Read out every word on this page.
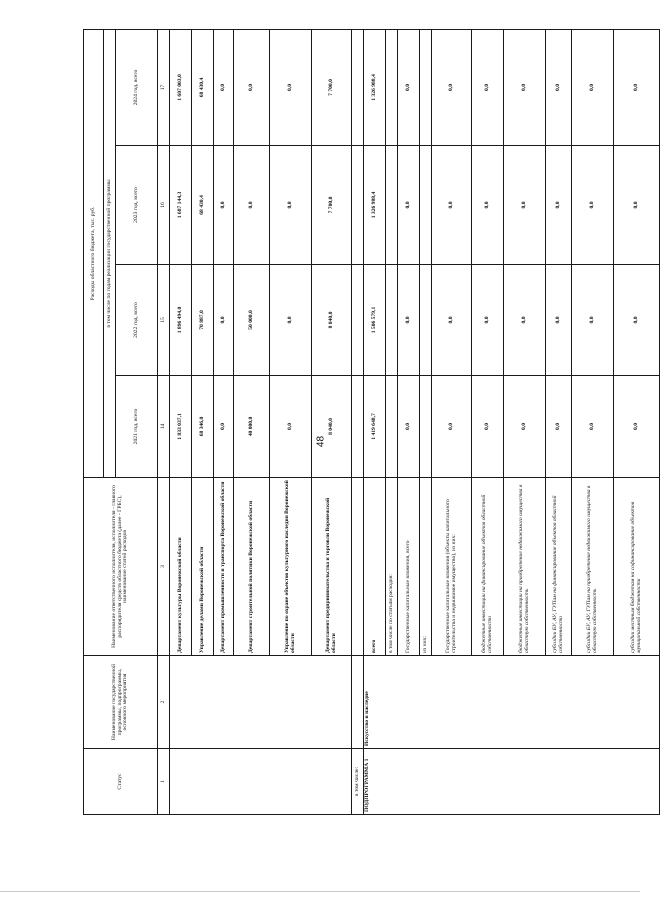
48
Статус	Наименование государственной программы, подпрограммы, основного мероприятия	Наименование ответственного исполнителя, исполнителя - главного распорядителя средств областного бюджета (далее - ГРБС), наименование статей расходов	Расходы областного бюджета, тыс. руб.			
			в том числе по годам реализации государственной программы			
			2021 год, всего	2022 год, всего	2023 год, всего	2024 год, всего
1	2	3	14	15	16	17
		Департамент культуры Воронежской области	1 833 037,1	1 896 494,0	1 687 144,3	1 607 003,0
		Управление делами Воронежской области	68 346,0	70 887,0	68 430,4	68 430,4
		Департамент промышленности и транспорта Воронежской области	0,0	0,0	0,0	0,0
		Департамент строительной политики Воронежской области	40 000,0	50 000,0	0,0	0,0
		Управление по охране объектов культурного наследия Воронежской области	0,0	0,0	0,0	0,0
		Департамент предпринимательства и торговли Воронежской области	8 040,0	8 040,0	7 700,0	7 700,0
в том числе:						
ПОДПРОГРАММА 1	Искусство и наследие	всего	1 419 648,7	1 506 579,1	1 326 988,4	1 326 988,4
		в том числе по статьям расходов:				
		Государственные капитальные вложения, всего	0,0	0,0	0,0	0,0
		из них:				
		Государственные капитальные вложения (объекты капитального строительства и недвижимое имущество), из них:	0,0	0,0	0,0	0,0
		бюджетные инвестиции на финансирование объектов областной собственности	0,0	0,0	0,0	0,0
		бюджетные инвестиции на приобретение недвижимого имущества в областную собственность	0,0	0,0	0,0	0,0
		субсидии БУ, АУ, ГУПам на финансирование объектов областной собственности	0,0	0,0	0,0	0,0
		субсидии БУ, АУ, ГУПам на приобретение недвижимого имущества в областную собственность	0,0	0,0	0,0	0,0
		субсидии местным бюджетам на софинансирование объектов муниципальной собственности	0,0	0,0	0,0	0,0
